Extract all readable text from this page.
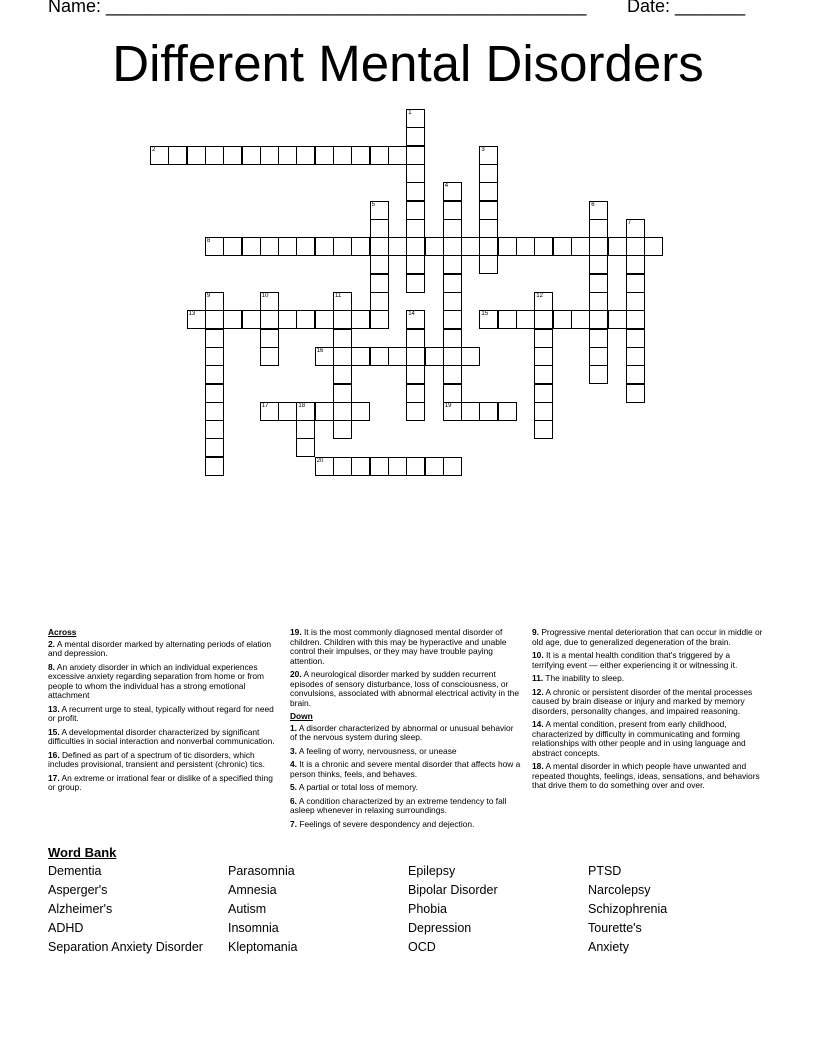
Name: ________________________________________________ Date: _______
Different Mental Disorders
1
2	3
4
5	6
7
8
9	10	11	12
13	14	15
16
17	18	19
20
Across

2. A mental disorder marked by alternating periods of elation and depression.

8. An anxiety disorder in which an individual experiences excessive anxiety regarding separation from home or from people to whom the individual has a strong emotional attachment

13. A recurrent urge to steal, typically without regard for need or profit.

15. A developmental disorder characterized by significant difficulties in social interaction and nonverbal communication.

16. Defined as part of a spectrum of tic disorders, which includes provisional, transient and persistent (chronic) tics.

17. An extreme or irrational fear or dislike of a specified thing or group.

19. It is the most commonly diagnosed mental disorder of children. Children with this may be hyperactive and unable control their impulses, or they may have trouble paying attention.

20. A neurological disorder marked by sudden recurrent episodes of sensory disturbance, loss of consciousness, or convulsions, associated with abnormal electrical activity in the brain.

Down

1. A disorder characterized by abnormal or unusual behavior of the nervous system during sleep.

3. A feeling of worry, nervousness, or unease

4. It is a chronic and severe mental disorder that affects how a person thinks, feels, and behaves.

5. A partial or total loss of memory.

6. A condition characterized by an extreme tendency to fall asleep whenever in relaxing surroundings.

7. Feelings of severe despondency and dejection.

9. Progressive mental deterioration that can occur in middle or old age, due to generalized degeneration of the brain.

10. It is a mental health condition that's triggered by a terrifying event — either experiencing it or witnessing it.

11. The inability to sleep.

12. A chronic or persistent disorder of the mental processes caused by brain disease or injury and marked by memory disorders, personality changes, and impaired reasoning.

14. A mental condition, present from early childhood, characterized by difficulty in communicating and forming relationships with other people and in using language and abstract concepts.

18. A mental disorder in which people have unwanted and repeated thoughts, feelings, ideas, sensations, and behaviors that drive them to do something over and over.

Word Bank
Dementia
Asperger's
Alzheimer's
ADHD
Separation Anxiety Disorder
Parasomnia
Amnesia
Autism
Insomnia
Kleptomania
Epilepsy
Bipolar Disorder
Phobia
Depression
OCD
PTSD
Narcolepsy
Schizophrenia
Tourette's
Anxiety
